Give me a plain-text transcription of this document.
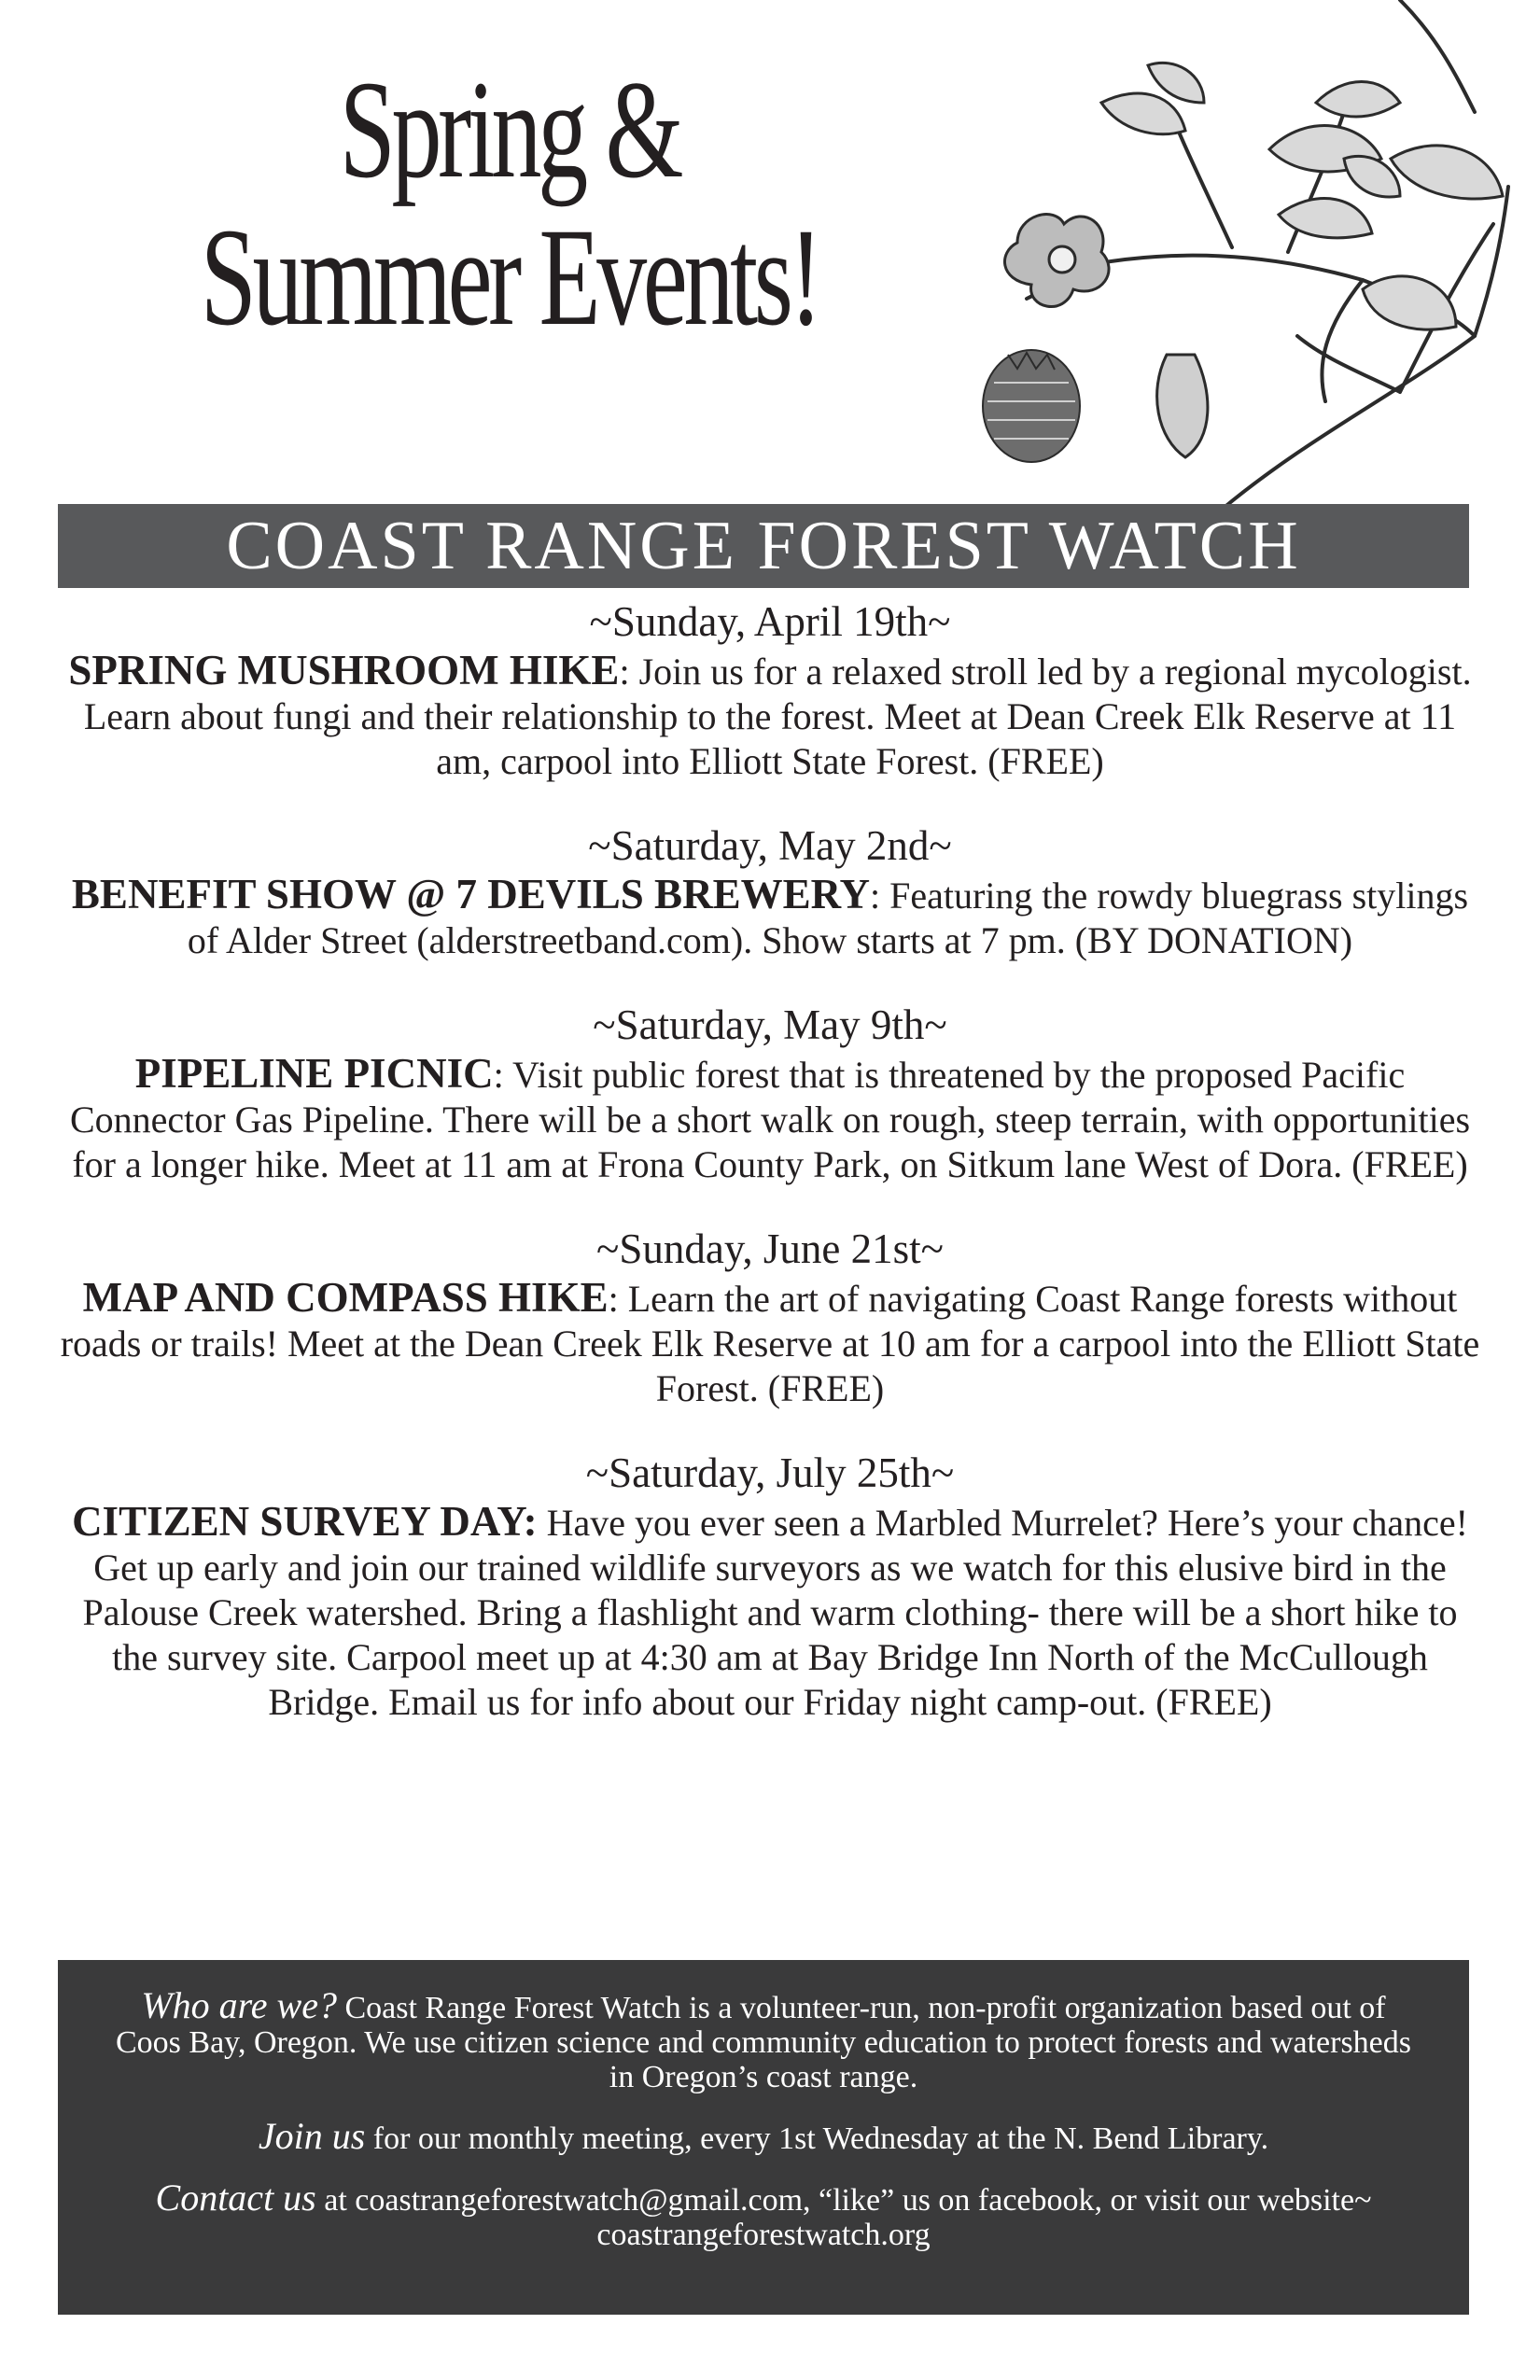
Spring &
Summer Events!
COAST RANGE FOREST WATCH
~Sunday, April 19th~
SPRING MUSHROOM HIKE: Join us for a relaxed stroll led by a regional mycologist. Learn about fungi and their relationship to the forest. Meet at Dean Creek Elk Reserve at 11 am, carpool into Elliott State Forest. (FREE)
~Saturday, May 2nd~
BENEFIT SHOW @ 7 DEVILS BREWERY: Featuring the rowdy bluegrass stylings of Alder Street (alderstreetband.com). Show starts at 7 pm. (BY DONATION)
~Saturday, May 9th~
PIPELINE PICNIC: Visit public forest that is threatened by the proposed Pacific Connector Gas Pipeline. There will be a short walk on rough, steep terrain, with opportunities for a longer hike. Meet at 11 am at Frona County Park, on Sitkum lane West of Dora. (FREE)
~Sunday, June 21st~
MAP AND COMPASS HIKE: Learn the art of navigating Coast Range forests without roads or trails! Meet at the Dean Creek Elk Reserve at 10 am for a carpool into the Elliott State Forest. (FREE)
~Saturday, July 25th~
CITIZEN SURVEY DAY: Have you ever seen a Marbled Murrelet? Here’s your chance! Get up early and join our trained wildlife surveyors as we watch for this elusive bird in the Palouse Creek watershed. Bring a flashlight and warm clothing- there will be a short hike to the survey site. Carpool meet up at 4:30 am at Bay Bridge Inn North of the McCullough Bridge. Email us for info about our Friday night camp-out. (FREE)

Who are we? Coast Range Forest Watch is a volunteer-run, non-profit organization based out of Coos Bay, Oregon. We use citizen science and community education to protect forests and watersheds in Oregon’s coast range.

Join us for our monthly meeting, every 1st Wednesday at the N. Bend Library.

Contact us at coastrangeforestwatch@gmail.com, “like” us on facebook, or visit our website~ coastrangeforestwatch.org
